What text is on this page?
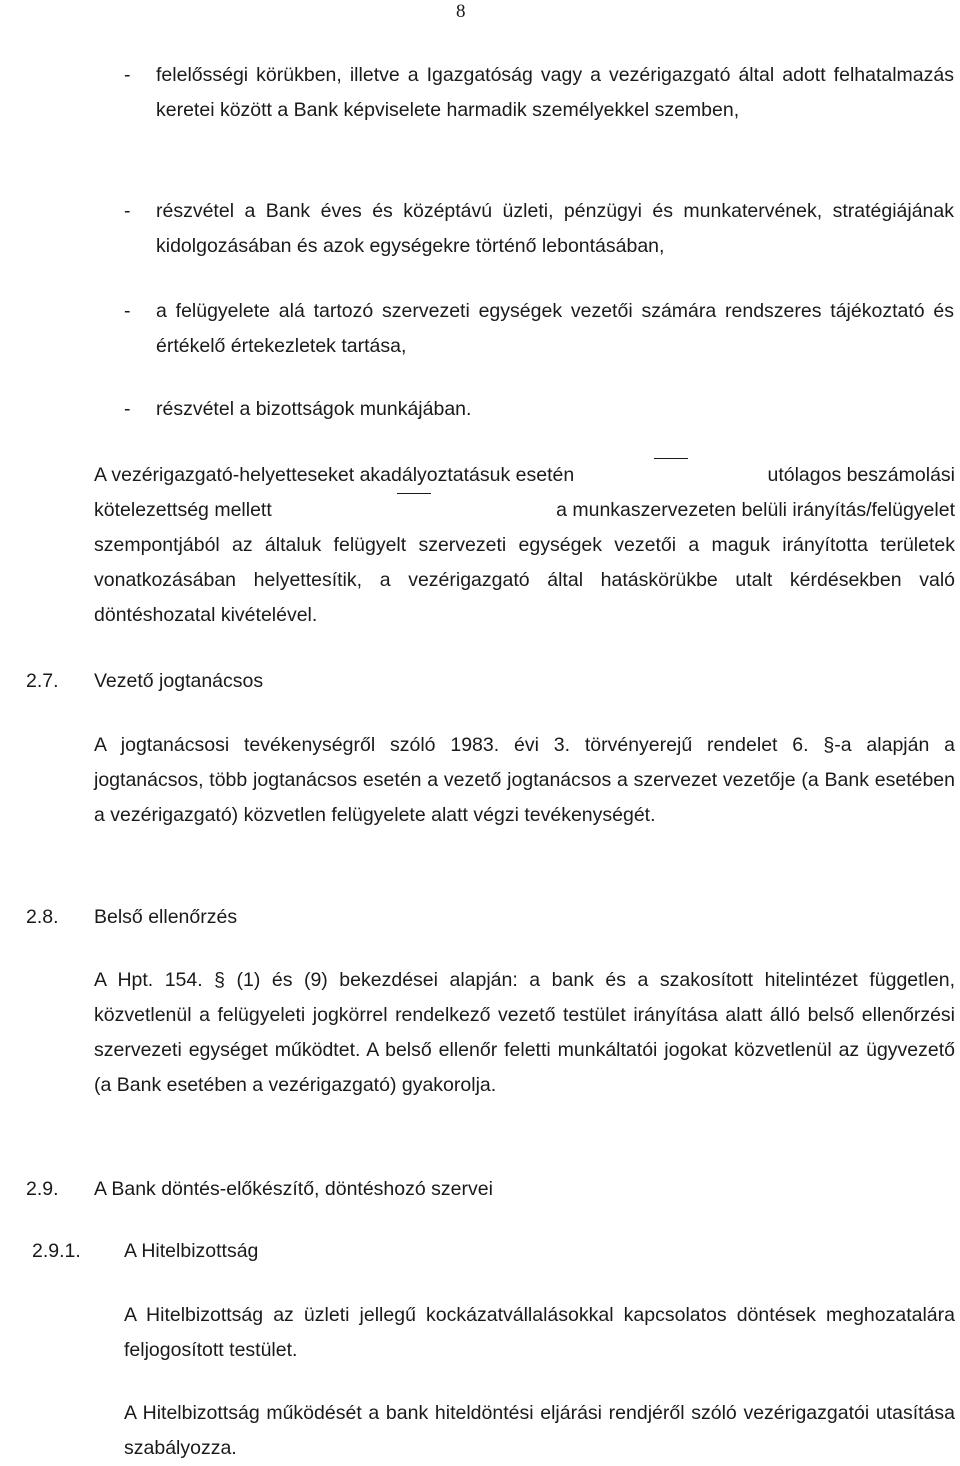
8
- felelősségi körükben, illetve a Igazgatóság vagy a vezérigazgató által adott felhatalmazás keretei között a Bank képviselete harmadik személyekkel szemben,
- részvétel a Bank éves és középtávú üzleti, pénzügyi és munkatervének, stratégiájának kidolgozásában és azok egységekre történő lebontásában,
- a felügyelete alá tartozó szervezeti egységek vezetői számára rendszeres tájékoztató és értékelő értekezletek tartása,
- részvétel a bizottságok munkájában.
A vezérigazgató-helyetteseket akadályoztatásuk esetén	utólagos beszámolási
kötelezettség mellett	a munkaszervezeten belüli irányítás/felügyelet
szempontjából az általuk felügyelt szervezeti egységek vezetői a maguk irányította területek vonatkozásában helyettesítik, a vezérigazgató által hatáskörükbe utalt kérdésekben való döntéshozatal kivételével.
2.7. Vezető jogtanácsos
A jogtanácsosi tevékenységről szóló 1983. évi 3. törvényerejű rendelet 6. §-a alapján a jogtanácsos, több jogtanácsos esetén a vezető jogtanácsos a szervezet vezetője (a Bank esetében a vezérigazgató) közvetlen felügyelete alatt végzi tevékenységét.
2.8. Belső ellenőrzés
A Hpt. 154. § (1) és (9) bekezdései alapján: a bank és a szakosított hitelintézet független, közvetlenül a felügyeleti jogkörrel rendelkező vezető testület irányítása alatt álló belső ellenőrzési szervezeti egységet működtet. A belső ellenőr feletti munkáltatói jogokat közvetlenül az ügyvezető (a Bank esetében a vezérigazgató) gyakorolja.
2.9. A Bank döntés-előkészítő, döntéshozó szervei
2.9.1. A Hitelbizottság
A Hitelbizottság az üzleti jellegű kockázatvállalásokkal kapcsolatos döntések meghozatalára feljogosított testület.
A Hitelbizottság működését a bank hiteldöntési eljárási rendjéről szóló vezérigazgatói utasítása szabályozza.
